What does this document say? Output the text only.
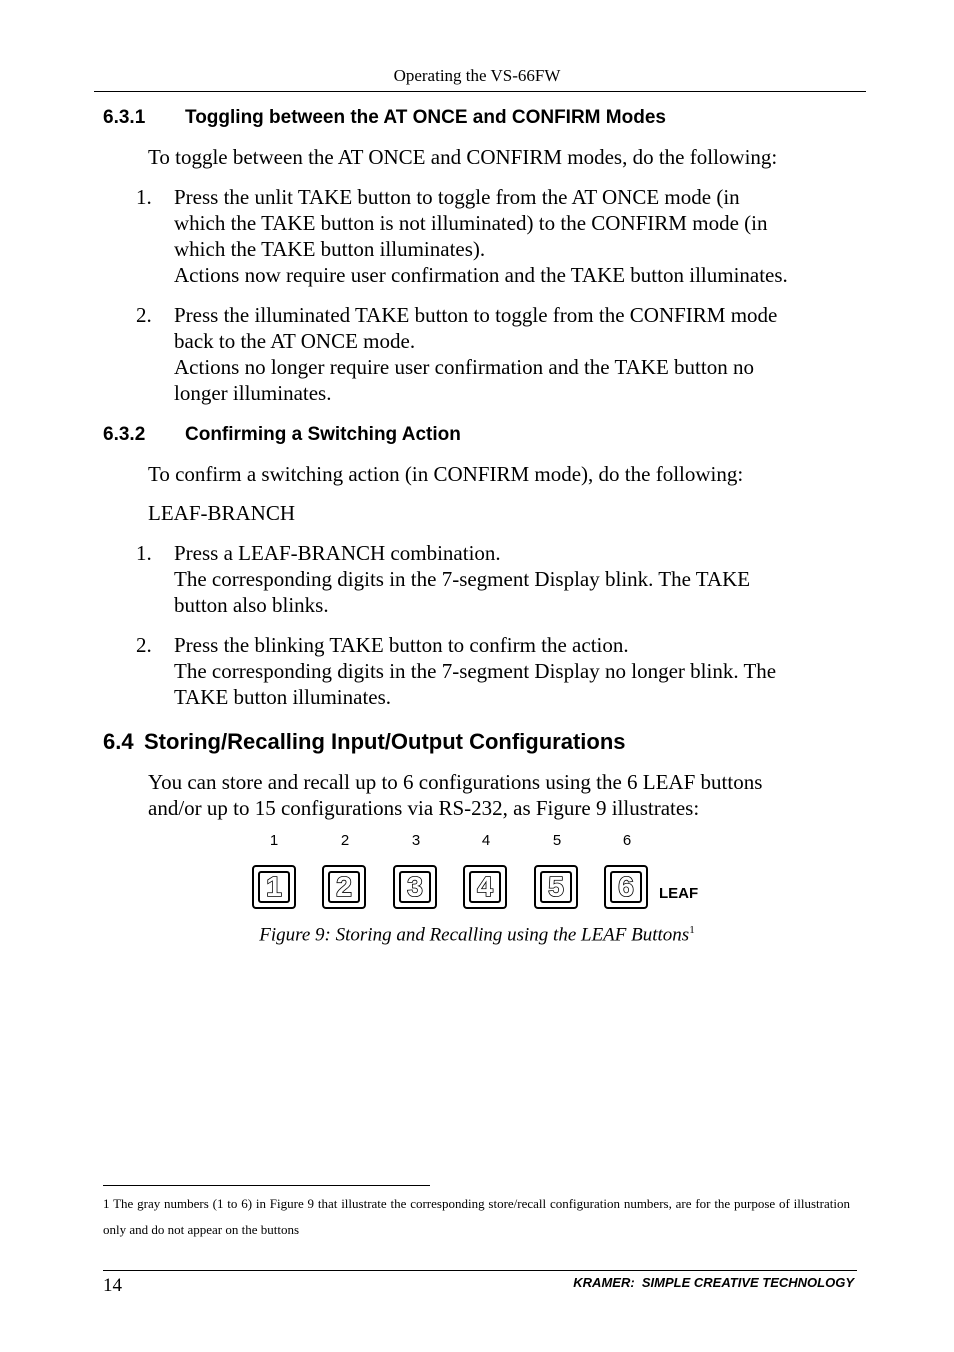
Operating the VS-66FW
6.3.1 Toggling between the AT ONCE and CONFIRM Modes
To toggle between the AT ONCE and CONFIRM modes, do the following:
1. Press the unlit TAKE button to toggle from the AT ONCE mode (in
which the TAKE button is not illuminated) to the CONFIRM mode (in
which the TAKE button illuminates).
Actions now require user confirmation and the TAKE button illuminates.
2. Press the illuminated TAKE button to toggle from the CONFIRM mode
back to the AT ONCE mode.
Actions no longer require user confirmation and the TAKE button no
longer illuminates.
6.3.2 Confirming a Switching Action
To confirm a switching action (in CONFIRM mode), do the following:
LEAF-BRANCH
1. Press a LEAF-BRANCH combination.
The corresponding digits in the 7-segment Display blink. The TAKE
button also blinks.
2. Press the blinking TAKE button to confirm the action.
The corresponding digits in the 7-segment Display no longer blink. The
TAKE button illuminates.
6.4 Storing/Recalling Input/Output Configurations
You can store and recall up to 6 configurations using the 6 LEAF buttons
and/or up to 15 configurations via RS-232, as Figure 9 illustrates:
1	2	3	4	5	6
1 2 3 4 5 6 LEAF
Figure 9: Storing and Recalling using the LEAF Buttons$^1$
1 The gray numbers (1 to 6) in Figure 9 that illustrate the corresponding store/recall configuration numbers, are for the purpose of illustration only and do not appear on the buttons
14	KRAMER:  SIMPLE CREATIVE TECHNOLOGY
